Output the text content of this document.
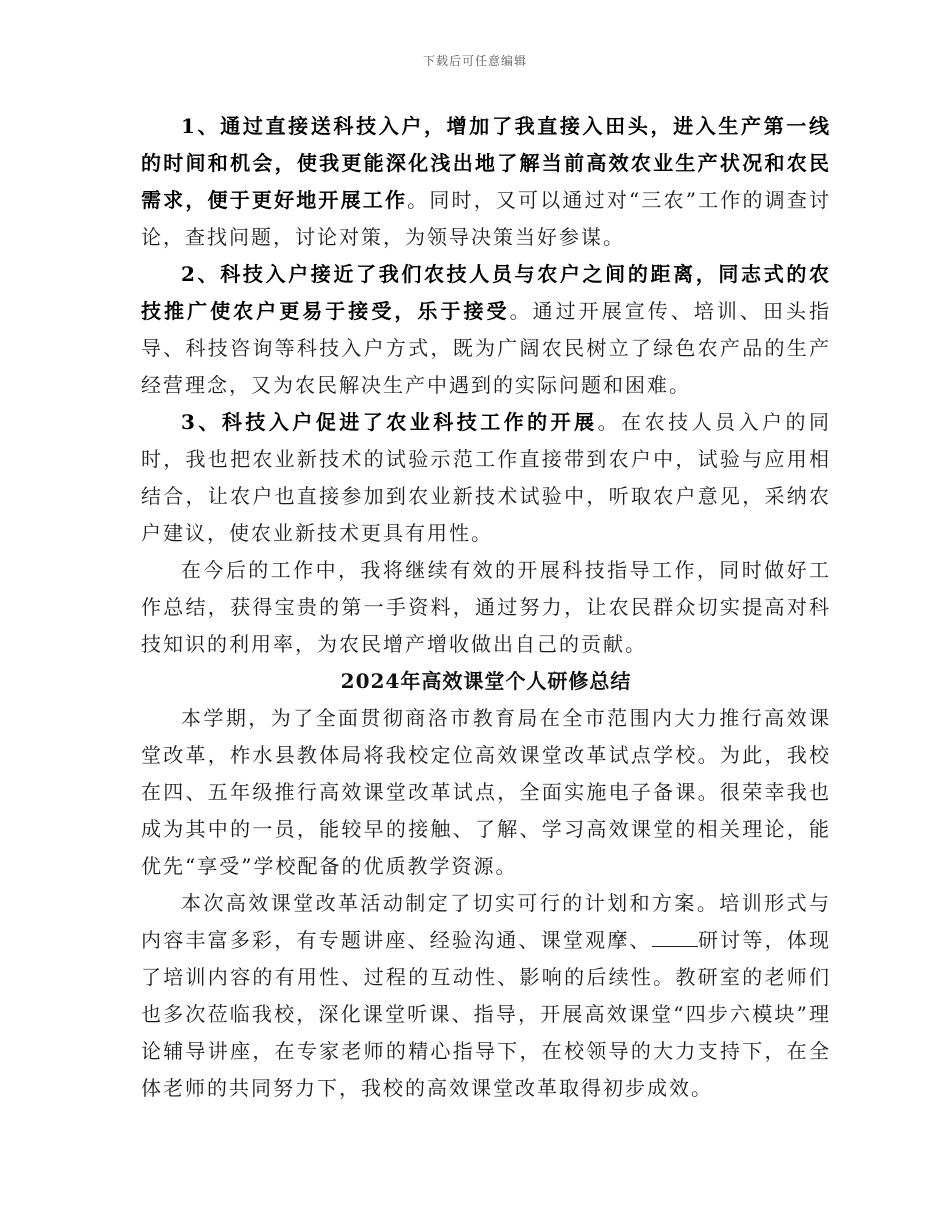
下载后可任意编辑

1、通过直接送科技入户，增加了我直接入田头，进入生产第一线的时间和机会，使我更能深化浅出地了解当前高效农业生产状况和农民需求，便于更好地开展工作。同时，又可以通过对“三农”工作的调查讨论，查找问题，讨论对策，为领导决策当好参谋。

2、科技入户接近了我们农技人员与农户之间的距离，同志式的农技推广使农户更易于接受，乐于接受。通过开展宣传、培训、田头指导、科技咨询等科技入户方式，既为广阔农民树立了绿色农产品的生产经营理念，又为农民解决生产中遇到的实际问题和困难。

3、科技入户促进了农业科技工作的开展。在农技人员入户的同时，我也把农业新技术的试验示范工作直接带到农户中，试验与应用相结合，让农户也直接参加到农业新技术试验中，听取农户意见，采纳农户建议，使农业新技术更具有用性。

在今后的工作中，我将继续有效的开展科技指导工作，同时做好工作总结，获得宝贵的第一手资料，通过努力，让农民群众切实提高对科技知识的利用率，为农民增产增收做出自己的贡献。

2024年高效课堂个人研修总结

本学期，为了全面贯彻商洛市教育局在全市范围内大力推行高效课堂改革，柞水县教体局将我校定位高效课堂改革试点学校。为此，我校在四、五年级推行高效课堂改革试点，全面实施电子备课。很荣幸我也成为其中的一员，能较早的接触、了解、学习高效课堂的相关理论，能优先“享受”学校配备的优质教学资源。

本次高效课堂改革活动制定了切实可行的计划和方案。培训形式与内容丰富多彩，有专题讲座、经验沟通、课堂观摩、 研讨等，体现了培训内容的有用性、过程的互动性、影响的后续性。教研室的老师们也多次莅临我校，深化课堂听课、指导，开展高效课堂“四步六模块”理论辅导讲座，在专家老师的精心指导下，在校领导的大力支持下，在全体老师的共同努力下，我校的高效课堂改革取得初步成效。
